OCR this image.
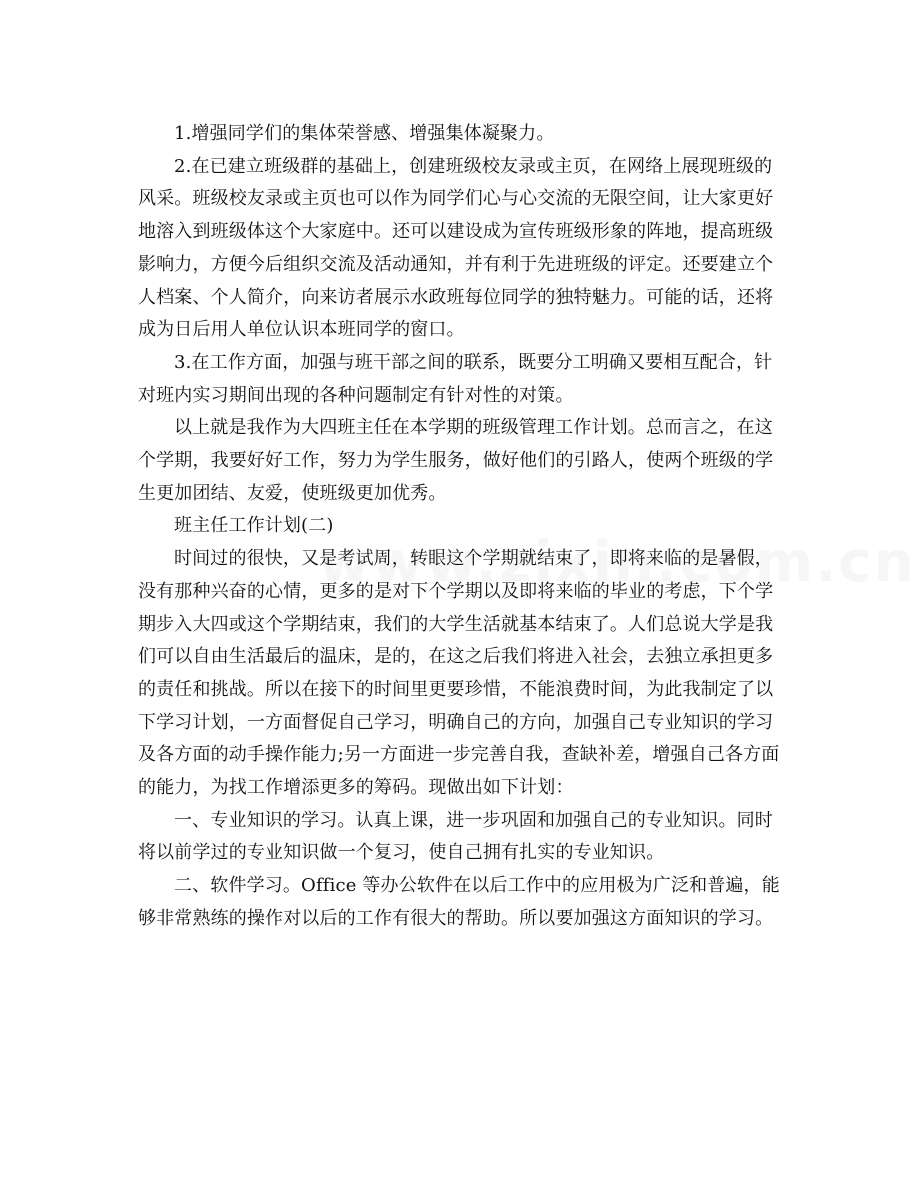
1.增强同学们的集体荣誉感、增强集体凝聚力。

2.在已建立班级群的基础上，创建班级校友录或主页，在网络上展现班级的
风采。班级校友录或主页也可以作为同学们心与心交流的无限空间，让大家更好
地溶入到班级体这个大家庭中。还可以建设成为宣传班级形象的阵地，提高班级
影响力，方便今后组织交流及活动通知，并有利于先进班级的评定。还要建立个
人档案、个人简介，向来访者展示水政班每位同学的独特魅力。可能的话，还将
成为日后用人单位认识本班同学的窗口。

3.在工作方面，加强与班干部之间的联系，既要分工明确又要相互配合，针
对班内实习期间出现的各种问题制定有针对性的对策。

以上就是我作为大四班主任在本学期的班级管理工作计划。总而言之，在这
个学期，我要好好工作，努力为学生服务，做好他们的引路人，使两个班级的学
生更加团结、友爱，使班级更加优秀。

班主任工作计划(二)

时间过的很快，又是考试周，转眼这个学期就结束了，即将来临的是暑假，
没有那种兴奋的心情，更多的是对下个学期以及即将来临的毕业的考虑，下个学
期步入大四或这个学期结束，我们的大学生活就基本结束了。人们总说大学是我
们可以自由生活最后的温床，是的，在这之后我们将进入社会，去独立承担更多
的责任和挑战。所以在接下的时间里更要珍惜，不能浪费时间，为此我制定了以
下学习计划，一方面督促自己学习，明确自己的方向，加强自己专业知识的学习
及各方面的动手操作能力;另一方面进一步完善自我，查缺补差，增强自己各方面
的能力，为找工作增添更多的筹码。现做出如下计划：

一、专业知识的学习。认真上课，进一步巩固和加强自己的专业知识。同时
将以前学过的专业知识做一个复习，使自己拥有扎实的专业知识。

二、软件学习。Office 等办公软件在以后工作中的应用极为广泛和普遍，能
够非常熟练的操作对以后的工作有很大的帮助。所以要加强这方面知识的学习。
